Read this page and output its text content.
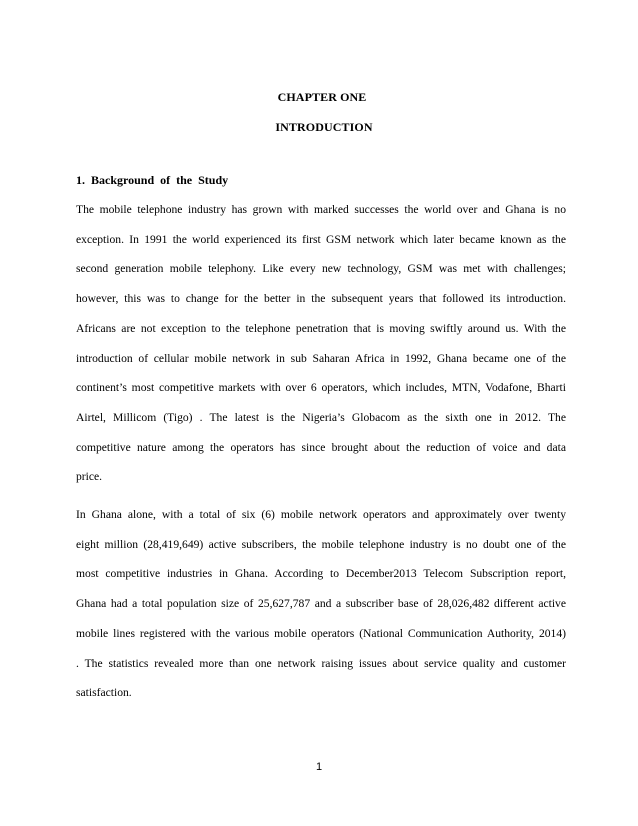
CHAPTER ONE
INTRODUCTION
1. Background of the Study

The mobile telephone industry has grown with marked successes the world over and Ghana is no exception. In 1991 the world experienced its first GSM network which later became known as the second generation mobile telephony. Like every new technology, GSM was met with challenges; however, this was to change for the better in the subsequent years that followed its introduction. Africans are not exception to the telephone penetration that is moving swiftly around us. With the introduction of cellular mobile network in sub Saharan Africa in 1992, Ghana became one of the continent’s most competitive markets with over 6 operators, which includes, MTN, Vodafone, Bharti Airtel, Millicom (Tigo) . The latest is the Nigeria’s Globacom as the sixth one in 2012. The competitive nature among the operators has since brought about the reduction of voice and data price.

In Ghana alone, with a total of six (6) mobile network operators and approximately over twenty eight million (28,419,649) active subscribers, the mobile telephone industry is no doubt one of the most competitive industries in Ghana. According to December2013 Telecom Subscription report, Ghana had a total population size of 25,627,787 and a subscriber base of 28,026,482 different active mobile lines registered with the various mobile operators (National Communication Authority, 2014) . The statistics revealed more than one network raising issues about service quality and customer satisfaction.

1
